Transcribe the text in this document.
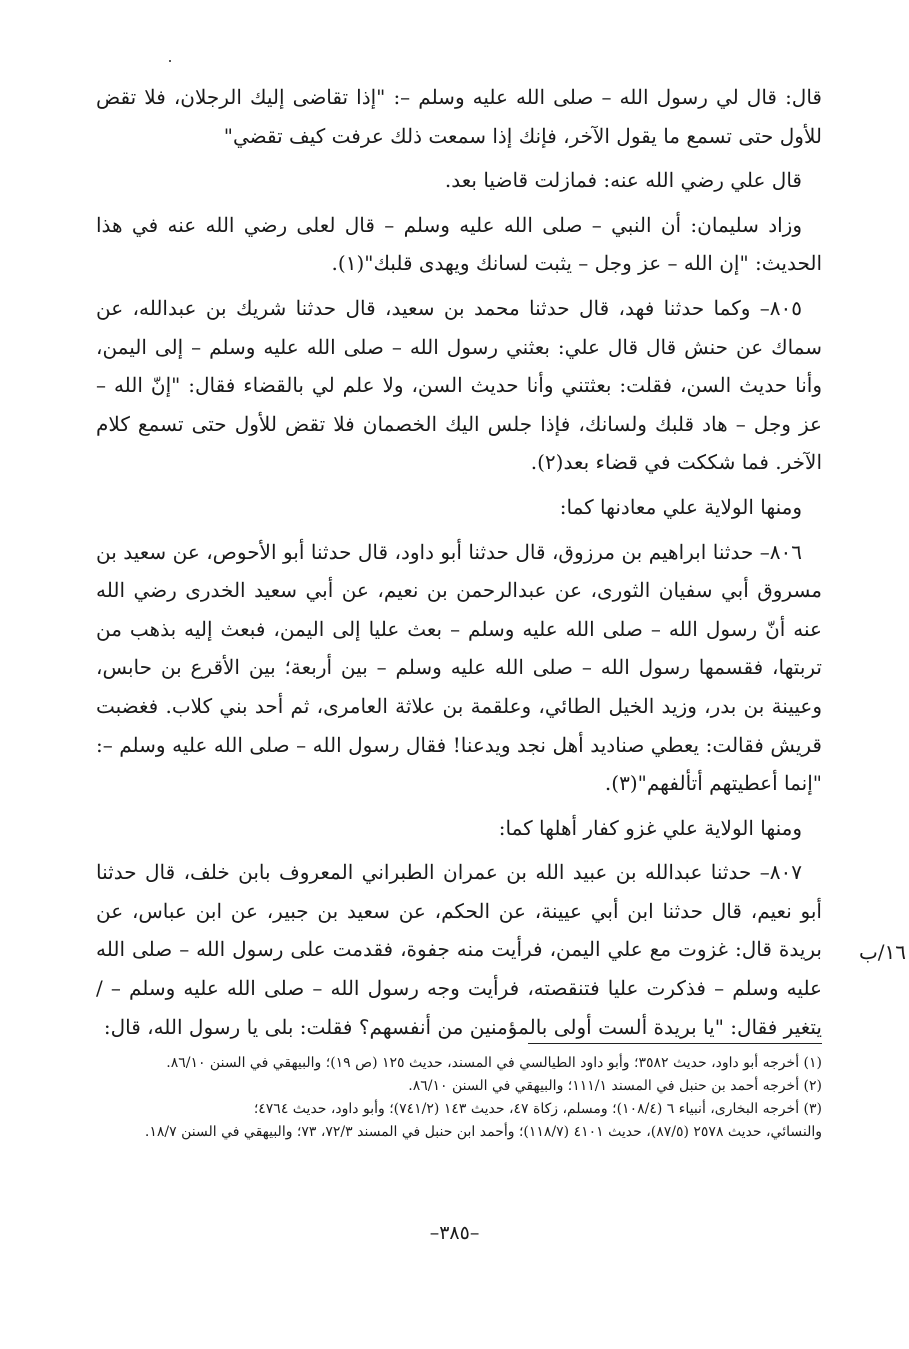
قال: قال لي رسول الله – صلى الله عليه وسلم –: "إذا تقاضى إليك الرجلان، فلا تقض للأول حتى تسمع ما يقول الآخر، فإنك إذا سمعت ذلك عرفت كيف تقضي"

قال علي رضي الله عنه: فمازلت قاضيا بعد.

وزاد سليمان: أن النبي – صلى الله عليه وسلم – قال لعلى رضي الله عنه في هذا الحديث: "إن الله – عز وجل – يثبت لسانك ويهدى قلبك"(١).

٨٠٥– وكما حدثنا فهد، قال حدثنا محمد بن سعيد، قال حدثنا شريك بن عبدالله، عن سماك عن حنش قال قال علي: بعثني رسول الله – صلى الله عليه وسلم – إلى اليمن، وأنا حديث السن، فقلت: بعثتني وأنا حديث السن، ولا علم لي بالقضاء فقال: "إنّ الله – عز وجل – هاد قلبك ولسانك، فإذا جلس اليك الخصمان فلا تقض للأول حتى تسمع كلام الآخر. فما شككت في قضاء بعد(٢).

ومنها الولاية علي معادنها كما:

٨٠٦– حدثنا ابراهيم بن مرزوق، قال حدثنا أبو داود، قال حدثنا أبو الأحوص، عن سعيد بن مسروق أبي سفيان الثورى، عن عبدالرحمن بن نعيم، عن أبي سعيد الخدرى رضي الله عنه أنّ رسول الله – صلى الله عليه وسلم – بعث عليا إلى اليمن، فبعث إليه بذهب من تربتها، فقسمها رسول الله – صلى الله عليه وسلم – بين أربعة؛ بين الأقرع بن حابس، وعيينة بن بدر، وزيد الخيل الطائي، وعلقمة بن علاثة العامرى، ثم أحد بني كلاب. فغضبت قريش فقالت: يعطي صناديد أهل نجد ويدعنا! فقال رسول الله – صلى الله عليه وسلم –: "إنما أعطيتهم أتألفهم"(٣).

ومنها الولاية علي غزو كفار أهلها كما:

٨٠٧– حدثنا عبدالله بن عبيد الله بن عمران الطبراني المعروف بابن خلف، قال حدثنا أبو نعيم، قال حدثنا ابن أبي عيينة، عن الحكم، عن سعيد بن جبير، عن ابن عباس، عن بريدة قال: غزوت مع علي اليمن، فرأيت منه جفوة، فقدمت على رسول الله – صلى الله عليه وسلم – فذكرت عليا فتنقصته، فرأيت وجه رسول الله – صلى الله عليه وسلم – / يتغير فقال: "يا بريدة ألست أولى بالمؤمنين من أنفسهم؟ فقلت: بلى يا رسول الله، قال:

١٦/ب

(١) أخرجه أبو داود، حديث ٣٥٨٢؛ وأبو داود الطيالسي في المسند، حديث ١٢٥ (ص ١٩)؛ والبيهقي في السنن ٨٦/١٠.

(٢) أخرجه أحمد بن حنبل في المسند ١١١/١؛ والبيهقي في السنن ٨٦/١٠.

(٣) أخرجه البخارى، أنبياء ٦ (١٠٨/٤)؛ ومسلم، زكاة ٤٧، حديث ١٤٣ (٧٤١/٢)؛ وأبو داود، حديث ٤٧٦٤؛

والنسائي، حديث ٢٥٧٨ (٨٧/٥)، حديث ٤١٠١ (١١٨/٧)؛ وأحمد ابن حنبل في المسند ٧٢/٣، ٧٣؛ والبيهقي في السنن ١٨/٧.

–٣٨٥–
